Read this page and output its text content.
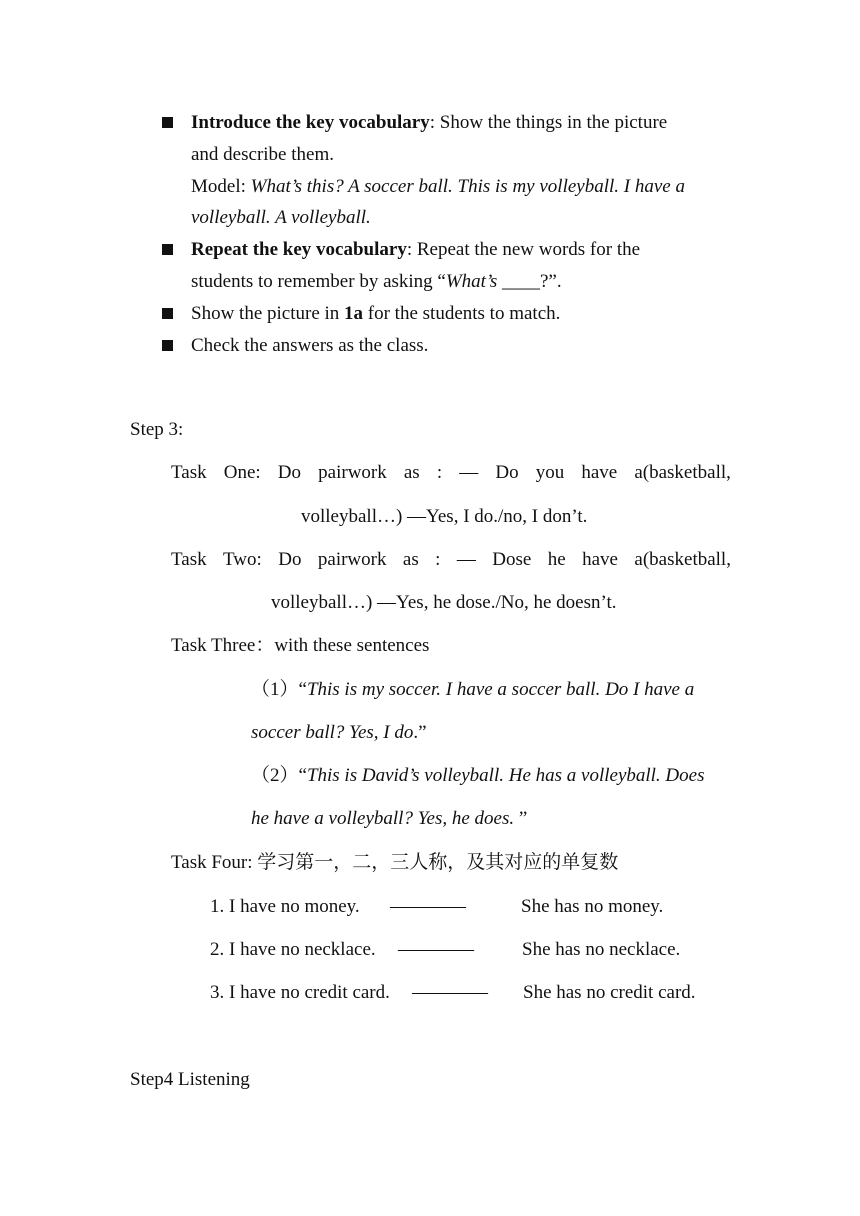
Introduce the key vocabulary: Show the things in the picture
and describe them.
Model: What’s this? A soccer ball. This is my volleyball. I have a
volleyball. A volleyball.
Repeat the key vocabulary: Repeat the new words for the
students to remember by asking “What’s ____?”.
Show the picture in 1a for the students to match.
Check the answers as the class.
Step 3:
Task One: Do pairwork as : — Do you have a(basketball,
volleyball…) —Yes, I do./no, I don’t.
Task Two: Do pairwork as : — Dose he have a(basketball,
volleyball…) —Yes, he dose./No, he doesn’t.
Task Three：with these sentences
（1）“This is my soccer. I have a soccer ball. Do I have a
soccer ball? Yes, I do.”
（2）“This is David’s volleyball. He has a volleyball. Does
he have a volleyball? Yes, he does. ”
Task Four: 学习第一，二，三人称，及其对应的单复数
1. I have no money. ————	She has no money.
2. I have no necklace. ————	She has no necklace.
3. I have no credit card. ———— She has no credit card.
Step4 Listening
